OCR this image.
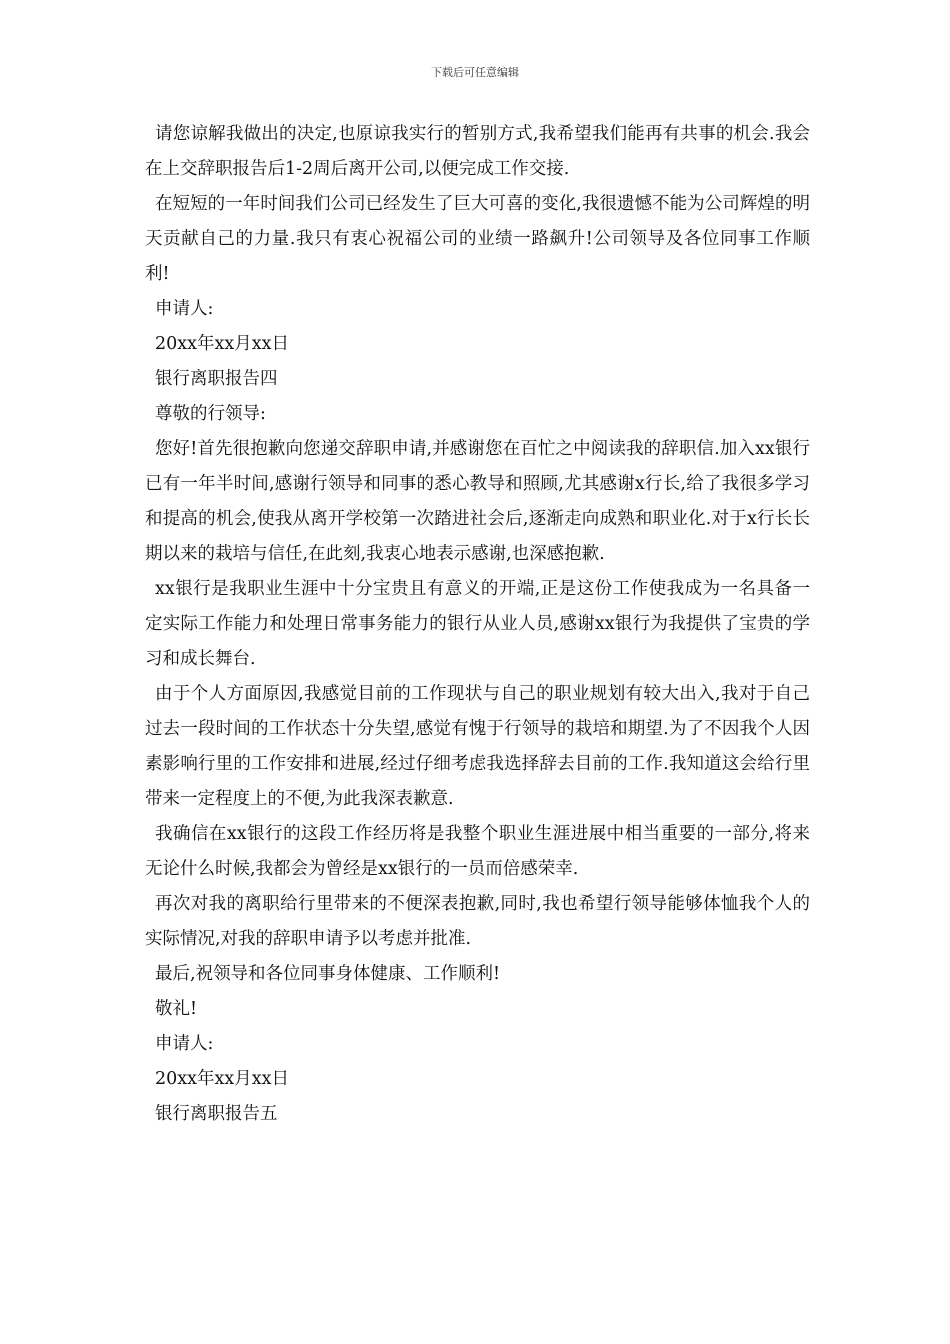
下载后可任意编辑

请您谅解我做出的决定,也原谅我实行的暂别方式,我希望我们能再有共事的机会.我会在上交辞职报告后1-2周后离开公司,以便完成工作交接.

在短短的一年时间我们公司已经发生了巨大可喜的变化,我很遗憾不能为公司辉煌的明天贡献自己的力量.我只有衷心祝福公司的业绩一路飙升!公司领导及各位同事工作顺利!

申请人:

20xx年xx月xx日

银行离职报告四

尊敬的行领导:

您好!首先很抱歉向您递交辞职申请,并感谢您在百忙之中阅读我的辞职信.加入xx银行已有一年半时间,感谢行领导和同事的悉心教导和照顾,尤其感谢x行长,给了我很多学习和提高的机会,使我从离开学校第一次踏进社会后,逐渐走向成熟和职业化.对于x行长长期以来的栽培与信任,在此刻,我衷心地表示感谢,也深感抱歉.

xx银行是我职业生涯中十分宝贵且有意义的开端,正是这份工作使我成为一名具备一定实际工作能力和处理日常事务能力的银行从业人员,感谢xx银行为我提供了宝贵的学习和成长舞台.

由于个人方面原因,我感觉目前的工作现状与自己的职业规划有较大出入,我对于自己过去一段时间的工作状态十分失望,感觉有愧于行领导的栽培和期望.为了不因我个人因素影响行里的工作安排和进展,经过仔细考虑我选择辞去目前的工作.我知道这会给行里带来一定程度上的不便,为此我深表歉意.

我确信在xx银行的这段工作经历将是我整个职业生涯进展中相当重要的一部分,将来无论什么时候,我都会为曾经是xx银行的一员而倍感荣幸.

再次对我的离职给行里带来的不便深表抱歉,同时,我也希望行领导能够体恤我个人的实际情况,对我的辞职申请予以考虑并批准.

最后,祝领导和各位同事身体健康、工作顺利!

敬礼!

申请人:

20xx年xx月xx日

银行离职报告五
